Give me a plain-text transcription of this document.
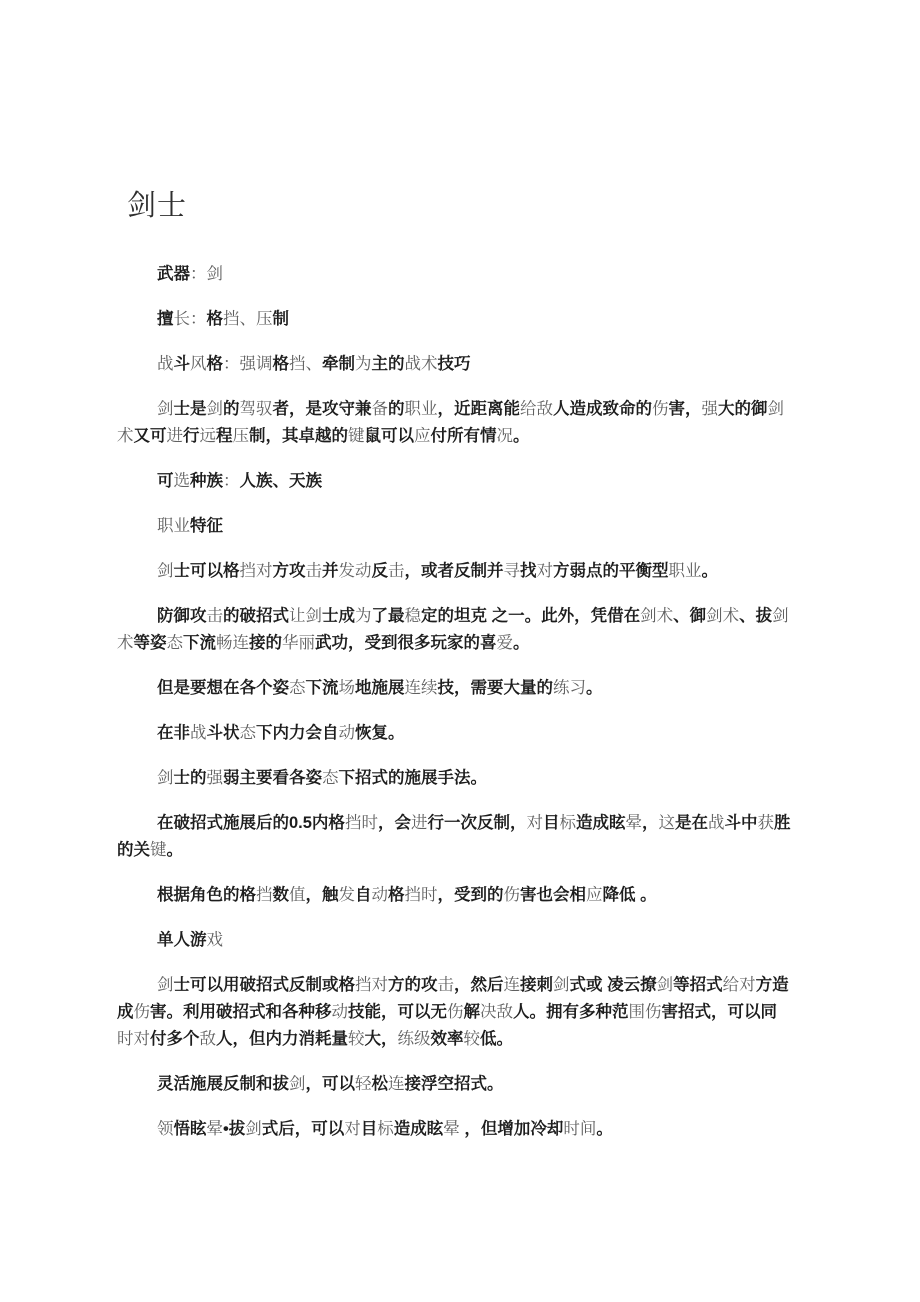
剑士
武器：剑
擅长：格挡、压制
战斗风格：强调格挡、牵制为主的战术技巧
剑士是剑的驾驭者，是攻守兼备的职业，近距离能给敌人造成致命的伤害，强大的御剑
术又可进行远程压制，其卓越的键鼠可以应付所有情况。
可选种族：人族、天族
职业特征
剑士可以格挡对方攻击并发动反击，或者反制并寻找对方弱点的平衡型职业。
防御攻击的破招式让剑士成为了最稳定的坦克 之一。此外，凭借在剑术、御剑术、拔剑
术等姿态下流畅连接的华丽武功，受到很多玩家的喜爱。
但是要想在各个姿态下流场地施展连续技，需要大量的练习。
在非战斗状态下内力会自动恢复。
剑士的强弱主要看各姿态下招式的施展手法。
在破招式施展后的0.5内格挡时，会进行一次反制，对目标造成眩晕，这是在战斗中获胜
的关键。
根据角色的格挡数值，触发自动格挡时，受到的伤害也会相应降低 。
单人游戏
剑士可以用破招式反制或格挡对方的攻击，然后连接刺剑式或 凌云撩剑等招式给对方造
成伤害。利用破招式和各种移动技能，可以无伤解决敌人。拥有多种范围伤害招式，可以同
时对付多个敌人，但内力消耗量较大，练级效率较低。
灵活施展反制和拔剑，可以轻松连接浮空招式。
领悟眩晕•拔剑式后，可以对目标造成眩晕 ，但增加冷却时间。
